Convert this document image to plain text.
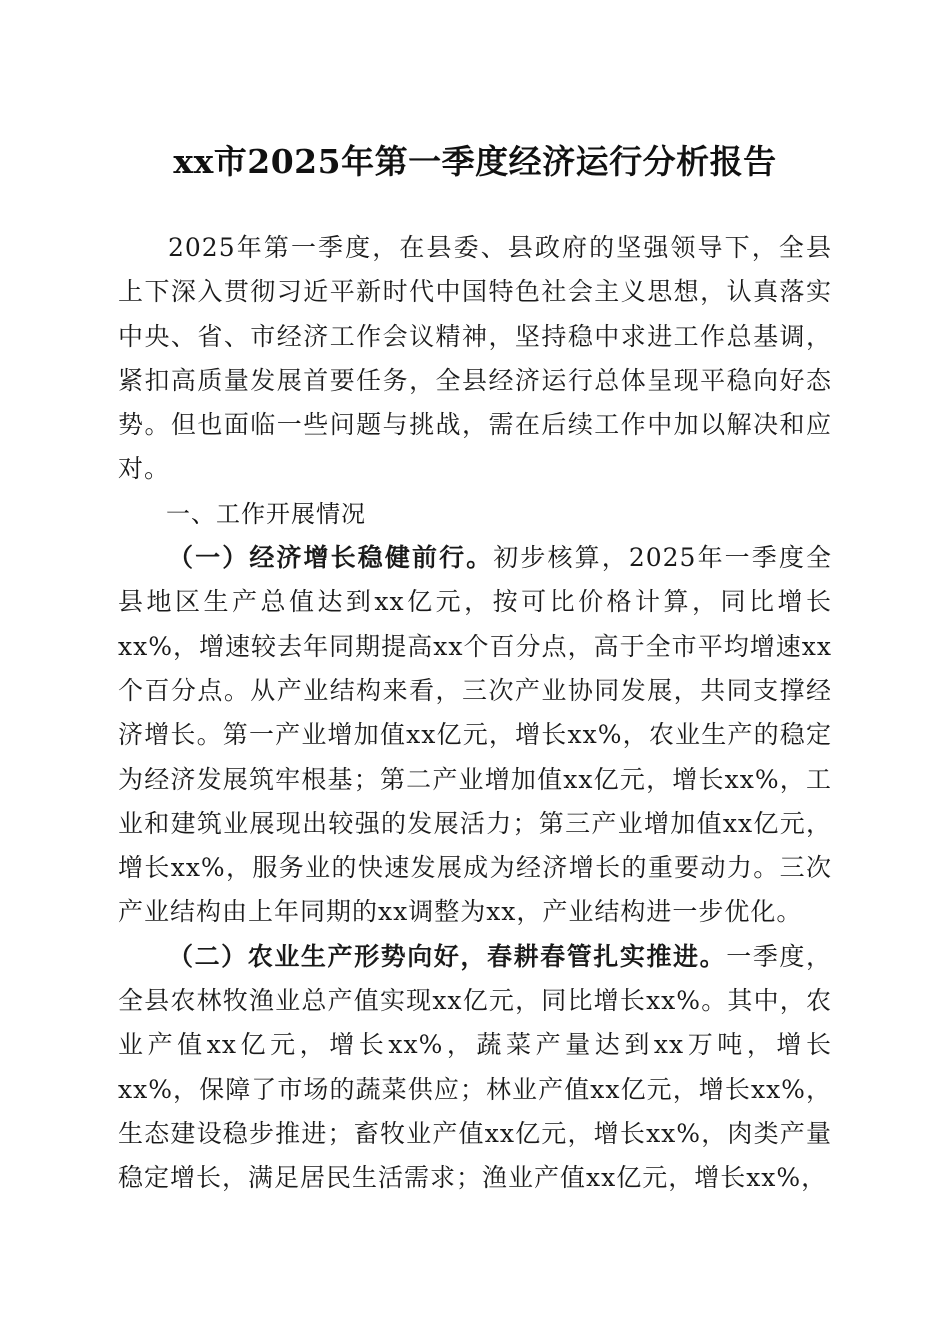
xx市2025年第一季度经济运行分析报告

2025年第一季度，在县委、县政府的坚强领导下，全县上下深入贯彻习近平新时代中国特色社会主义思想，认真落实中央、省、市经济工作会议精神，坚持稳中求进工作总基调，紧扣高质量发展首要任务，全县经济运行总体呈现平稳向好态势。但也面临一些问题与挑战，需在后续工作中加以解决和应对。

一、工作开展情况

（一）经济增长稳健前行。初步核算，2025年一季度全县地区生产总值达到xx亿元，按可比价格计算，同比增长xx%，增速较去年同期提高xx个百分点，高于全市平均增速xx个百分点。从产业结构来看，三次产业协同发展，共同支撑经济增长。第一产业增加值xx亿元，增长xx%，农业生产的稳定为经济发展筑牢根基；第二产业增加值xx亿元，增长xx%，工业和建筑业展现出较强的发展活力；第三产业增加值xx亿元，增长xx%，服务业的快速发展成为经济增长的重要动力。三次产业结构由上年同期的xx调整为xx，产业结构进一步优化。

（二）农业生产形势向好，春耕春管扎实推进。一季度，全县农林牧渔业总产值实现xx亿元，同比增长xx%。其中，农业产值xx亿元，增长xx%，蔬菜产量达到xx万吨，增长xx%，保障了市场的蔬菜供应；林业产值xx亿元，增长xx%，生态建设稳步推进；畜牧业产值xx亿元，增长xx%，肉类产量稳定增长，满足居民生活需求；渔业产值xx亿元，增长xx%，
